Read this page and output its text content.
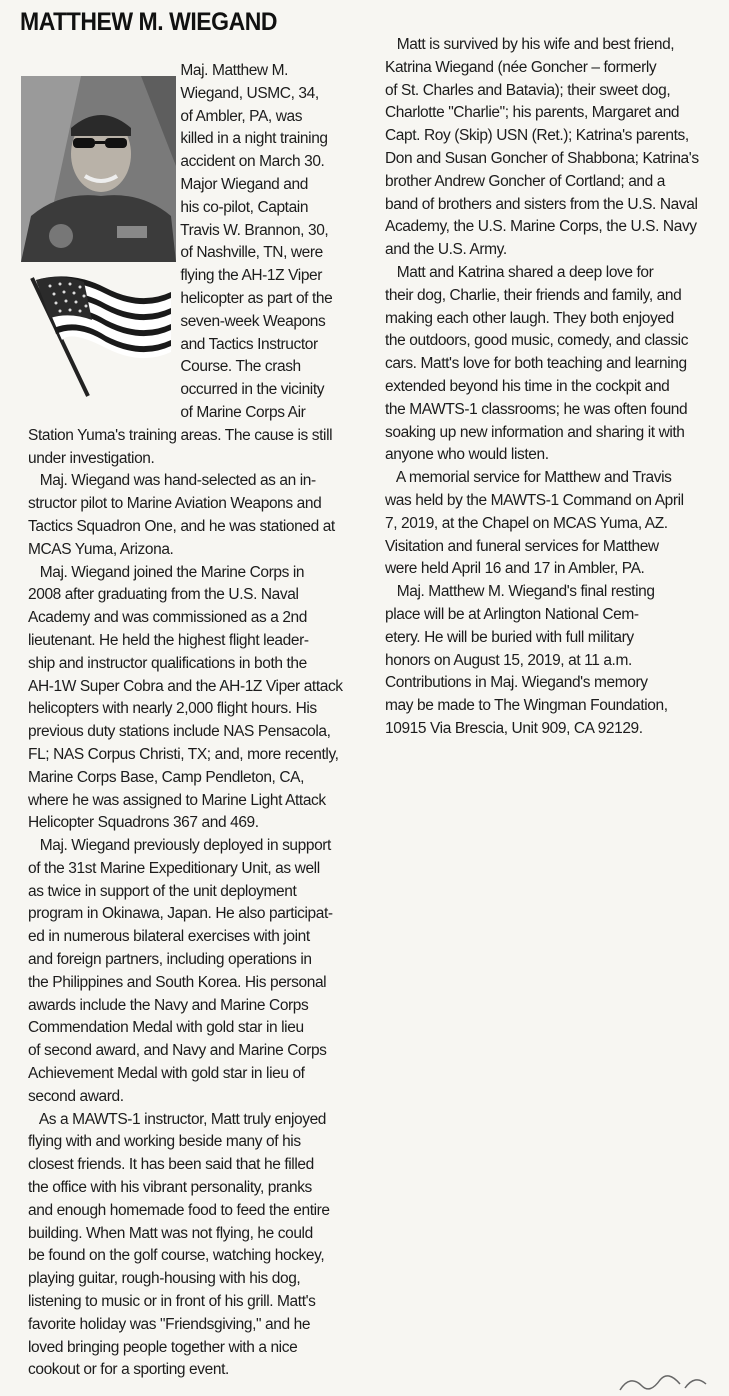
MATTHEW M. WIEGAND
Maj. Matthew M.
Wiegand, USMC, 34,
of Ambler, PA, was
killed in a night training
accident on March 30.
Major Wiegand and
his co-pilot, Captain
Travis W. Brannon, 30,
of Nashville, TN, were
flying the AH-1Z Viper
helicopter as part of the
seven-week Weapons
and Tactics Instructor
Course. The crash
occurred in the vicinity
of Marine Corps Air
Station Yuma's training areas. The cause is still
under investigation.
Maj. Wiegand was hand-selected as an in-
structor pilot to Marine Aviation Weapons and
Tactics Squadron One, and he was stationed at
MCAS Yuma, Arizona.
Maj. Wiegand joined the Marine Corps in
2008 after graduating from the U.S. Naval
Academy and was commissioned as a 2nd
lieutenant. He held the highest flight leader-
ship and instructor qualifications in both the
AH-1W Super Cobra and the AH-1Z Viper attack
helicopters with nearly 2,000 flight hours. His
previous duty stations include NAS Pensacola,
FL; NAS Corpus Christi, TX; and, more recently,
Marine Corps Base, Camp Pendleton, CA,
where he was assigned to Marine Light Attack
Helicopter Squadrons 367 and 469.
Maj. Wiegand previously deployed in support
of the 31st Marine Expeditionary Unit, as well
as twice in support of the unit deployment
program in Okinawa, Japan. He also participat-
ed in numerous bilateral exercises with joint
and foreign partners, including operations in
the Philippines and South Korea. His personal
awards include the Navy and Marine Corps
Commendation Medal with gold star in lieu
of second award, and Navy and Marine Corps
Achievement Medal with gold star in lieu of
second award.
As a MAWTS-1 instructor, Matt truly enjoyed
flying with and working beside many of his
closest friends. It has been said that he filled
the office with his vibrant personality, pranks
and enough homemade food to feed the entire
building. When Matt was not flying, he could
be found on the golf course, watching hockey,
playing guitar, rough-housing with his dog,
listening to music or in front of his grill. Matt's
favorite holiday was "Friendsgiving," and he
loved bringing people together with a nice
cookout or for a sporting event.
Matt is survived by his wife and best friend,
Katrina Wiegand (née Goncher – formerly
of St. Charles and Batavia); their sweet dog,
Charlotte "Charlie"; his parents, Margaret and
Capt. Roy (Skip) USN (Ret.); Katrina's parents,
Don and Susan Goncher of Shabbona; Katrina's
brother Andrew Goncher of Cortland; and a
band of brothers and sisters from the U.S. Naval
Academy, the U.S. Marine Corps, the U.S. Navy
and the U.S. Army.
Matt and Katrina shared a deep love for
their dog, Charlie, their friends and family, and
making each other laugh. They both enjoyed
the outdoors, good music, comedy, and classic
cars. Matt's love for both teaching and learning
extended beyond his time in the cockpit and
the MAWTS-1 classrooms; he was often found
soaking up new information and sharing it with
anyone who would listen.
A memorial service for Matthew and Travis
was held by the MAWTS-1 Command on April
7, 2019, at the Chapel on MCAS Yuma, AZ.
Visitation and funeral services for Matthew
were held April 16 and 17 in Ambler, PA.
Maj. Matthew M. Wiegand's final resting
place will be at Arlington National Cem-
etery. He will be buried with full military
honors on August 15, 2019, at 11 a.m.
Contributions in Maj. Wiegand's memory
may be made to The Wingman Foundation,
10915 Via Brescia, Unit 909, CA 92129.
